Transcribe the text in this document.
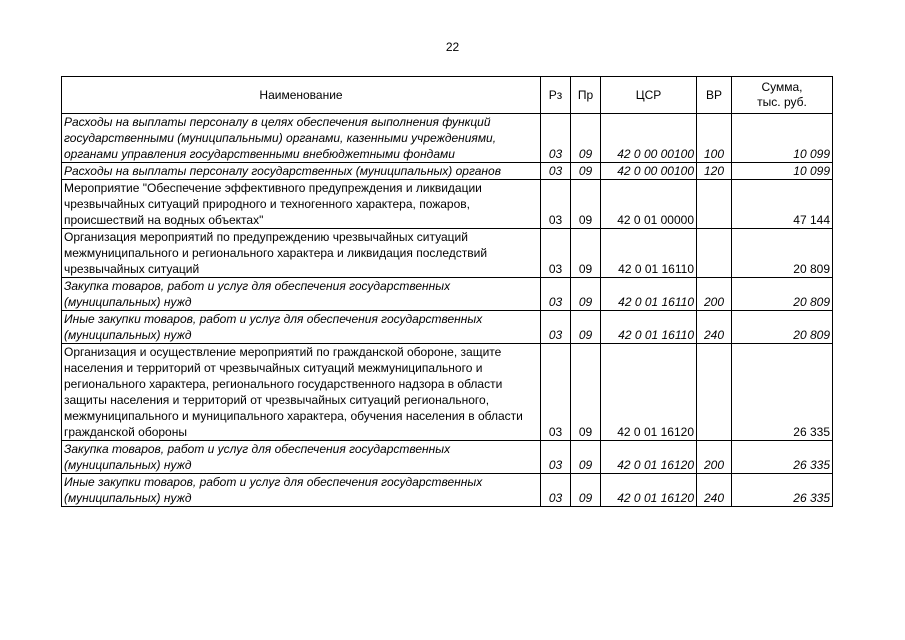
22
Наименование	Рз	Пр	ЦСР	ВР	Сумма,
тыс. руб.

Расходы на выплаты персоналу в целях обеспечения выполнения функций государственными (муниципальными) органами, казенными учреждениями, органами управления государственными внебюджетными фондами	03	09	42 0 00 00100	100	10 099
Расходы на выплаты персоналу государственных (муниципальных) органов	03	09	42 0 00 00100	120	10 099
Мероприятие "Обеспечение эффективного предупреждения и ликвидации чрезвычайных ситуаций природного и техногенного характера, пожаров, происшествий на водных объектах"	03	09	42 0 01 00000		47 144
Организация мероприятий по предупреждению чрезвычайных ситуаций межмуниципального и регионального характера и ликвидация последствий чрезвычайных ситуаций	03	09	42 0 01 16110		20 809
Закупка товаров, работ и услуг для обеспечения государственных (муниципальных) нужд	03	09	42 0 01 16110	200	20 809
Иные закупки товаров, работ и услуг для обеспечения государственных (муниципальных) нужд	03	09	42 0 01 16110	240	20 809
Организация и осуществление мероприятий по гражданской обороне, защите населения и территорий от чрезвычайных ситуаций межмуниципального и регионального характера, регионального государственного надзора в области защиты населения и территорий от чрезвычайных ситуаций регионального, межмуниципального и муниципального характера, обучения населения в области гражданской обороны	03	09	42 0 01 16120		26 335
Закупка товаров, работ и услуг для обеспечения государственных (муниципальных) нужд	03	09	42 0 01 16120	200	26 335
Иные закупки товаров, работ и услуг для обеспечения государственных (муниципальных) нужд	03	09	42 0 01 16120	240	26 335
